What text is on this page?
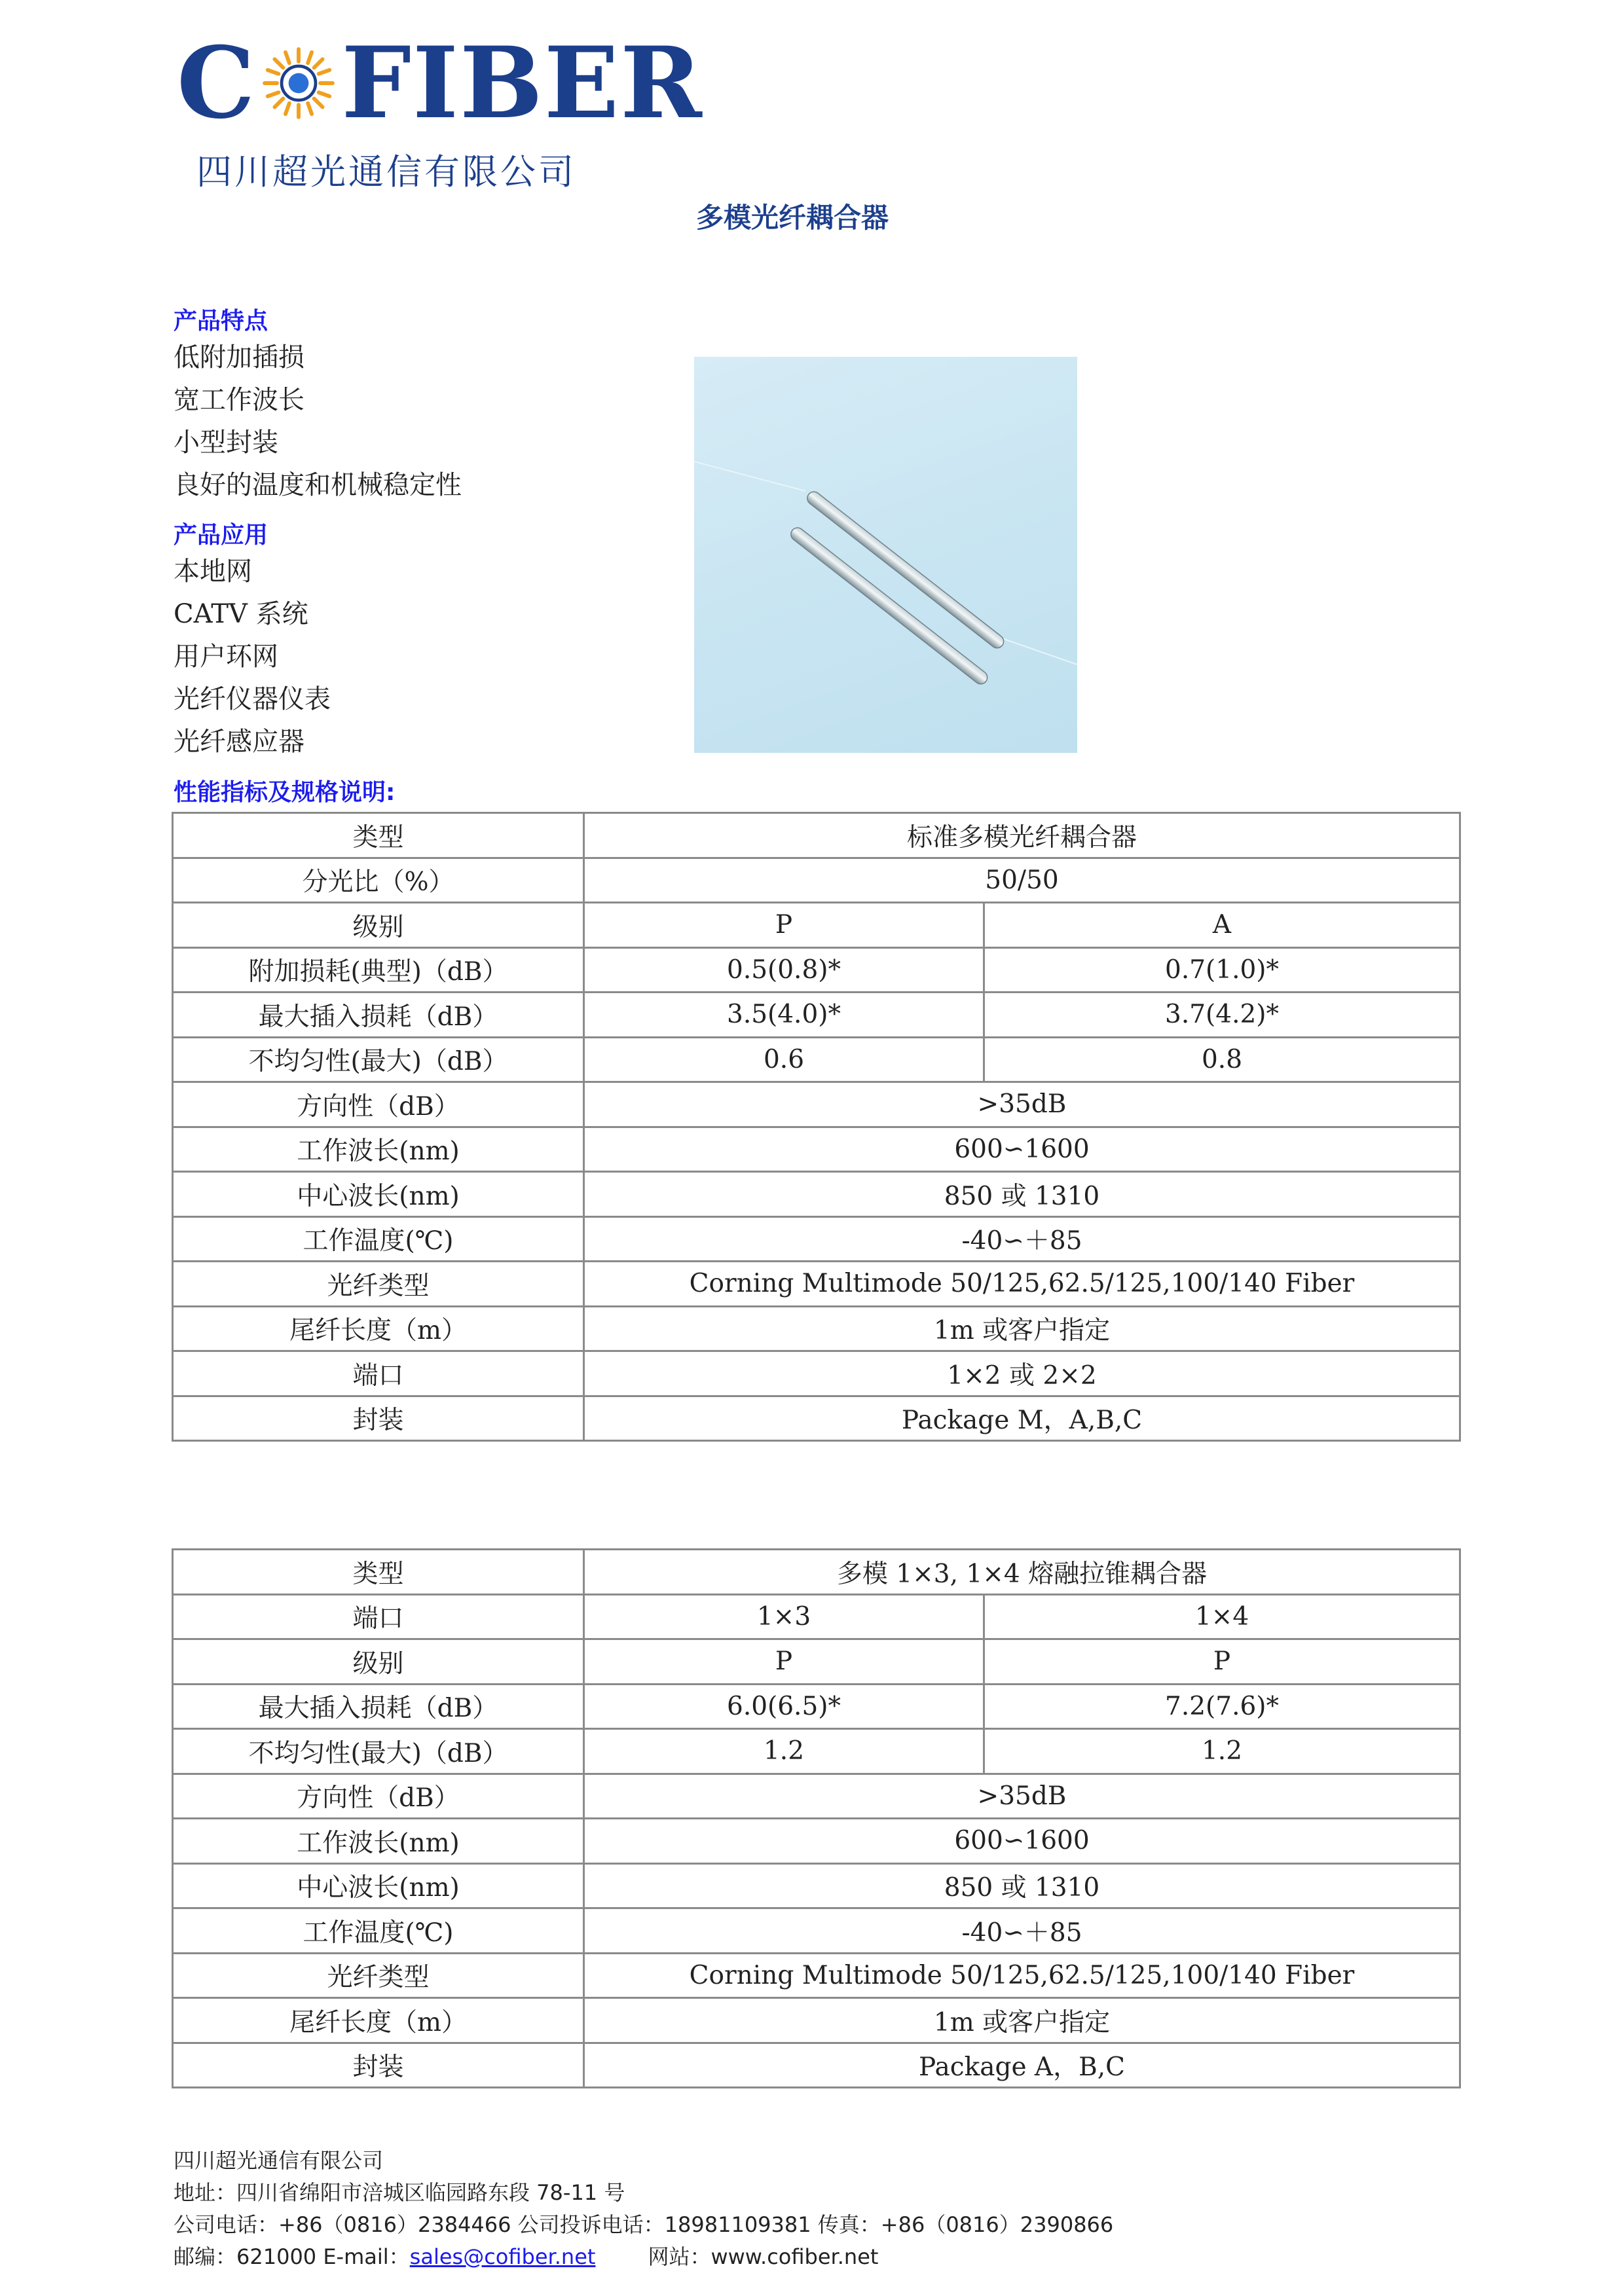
C FIBER
四川超光通信有限公司
多模光纤耦合器
产品特点
低附加插损
宽工作波长
小型封装
良好的温度和机械稳定性
产品应用
本地网
CATV 系统
用户环网
光纤仪器仪表
光纤感应器
性能指标及规格说明:
类型	标准多模光纤耦合器	
分光比（%）	50/50	
级别	P	A
附加损耗(典型)（dB）	0.5(0.8)*	0.7(1.0)*
最大插入损耗（dB）	3.5(4.0)*	3.7(4.2)*
不均匀性(最大)（dB）	0.6	0.8
方向性（dB）	>35dB	
工作波长(nm)	600∽1600	
中心波长(nm)	850 或 1310	
工作温度(℃)	-40∽＋85	
光纤类型	Corning Multimode 50/125,62.5/125,100/140 Fiber	
尾纤长度（m）	1m 或客户指定	
端口	1×2 或 2×2	
封装	Package M，A,B,C	
类型	多模 1×3, 1×4 熔融拉锥耦合器	
端口	1×3	1×4
级别	P	P
最大插入损耗（dB）	6.0(6.5)*	7.2(7.6)*
不均匀性(最大)（dB）	1.2	1.2
方向性（dB）	>35dB	
工作波长(nm)	600∽1600	
中心波长(nm)	850 或 1310	
工作温度(℃)	-40∽＋85	
光纤类型	Corning Multimode 50/125,62.5/125,100/140 Fiber	
尾纤长度（m）	1m 或客户指定	
封装	Package A，B,C	
四川超光通信有限公司
地址：四川省绵阳市涪城区临园路东段 78-11 号
公司电话：+86（0816）2384466 公司投诉电话：18981109381 传真：+86（0816）2390866
邮编：621000 E-mail：sales@cofiber.net	网站：www.cofiber.net
